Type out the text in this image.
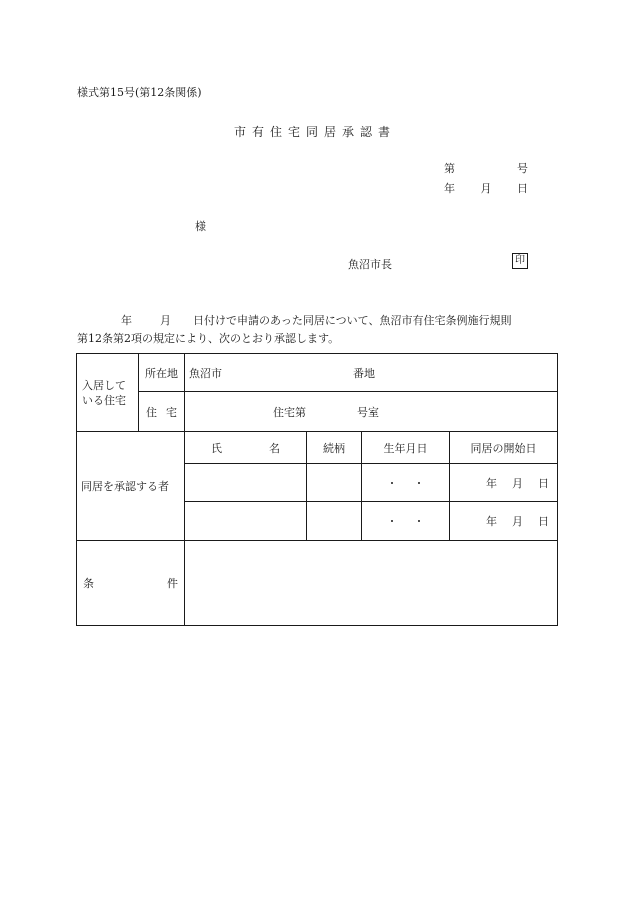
様式第15号(第12条関係)
市有住宅同居承認書
第	号
年 月 日
様
魚沼市長	印
年	月 日付けで申請のあった同居について、魚沼市有住宅条例施行規則
第12条第2項の規定により、次のとおり承認します。
入居している住宅	所在地	魚沼市 番地			

	住 宅	住宅第 号室			

同居を承認する者		氏 名	続柄	生年月日	同居の開始日

				・ ・	年 月 日

				・ ・	年 月 日

条 件					
